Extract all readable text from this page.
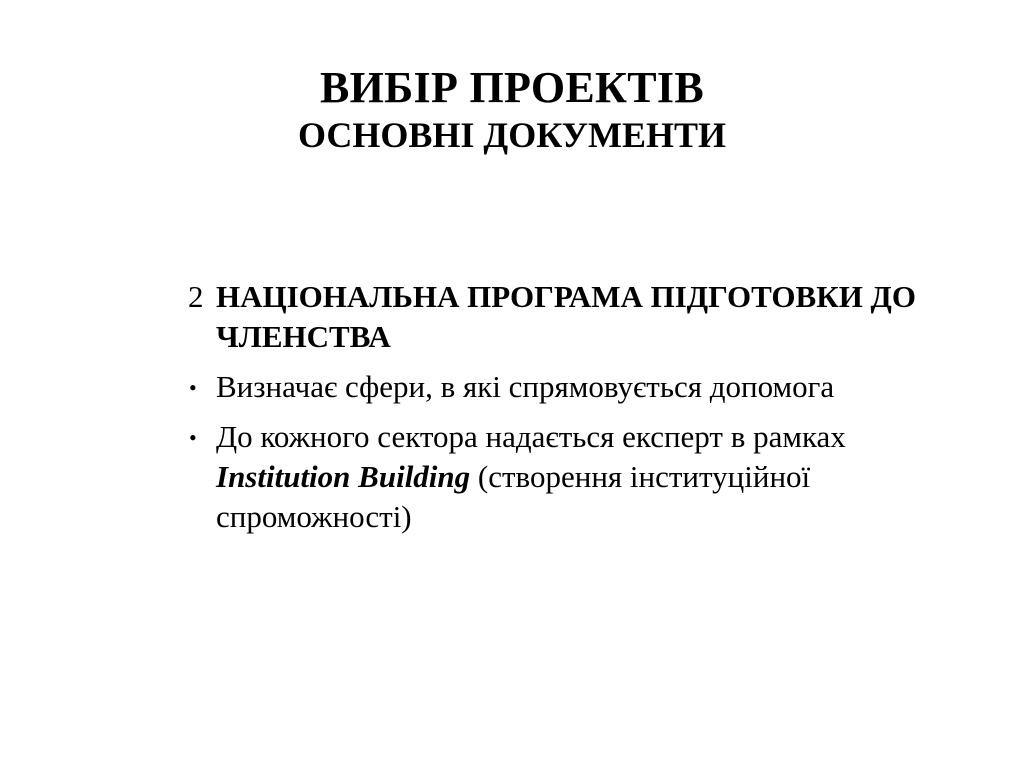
ВИБІР ПРОЕКТІВ
ОСНОВНІ ДОКУМЕНТИ
2 НАЦІОНАЛЬНА ПРОГРАМА ПІДГОТОВКИ ДО ЧЛЕНСТВА
• Визначає сфери, в які спрямовується допомога
• До кожного сектора надається експерт в рамках Institution Building (створення інституційної спроможності)
